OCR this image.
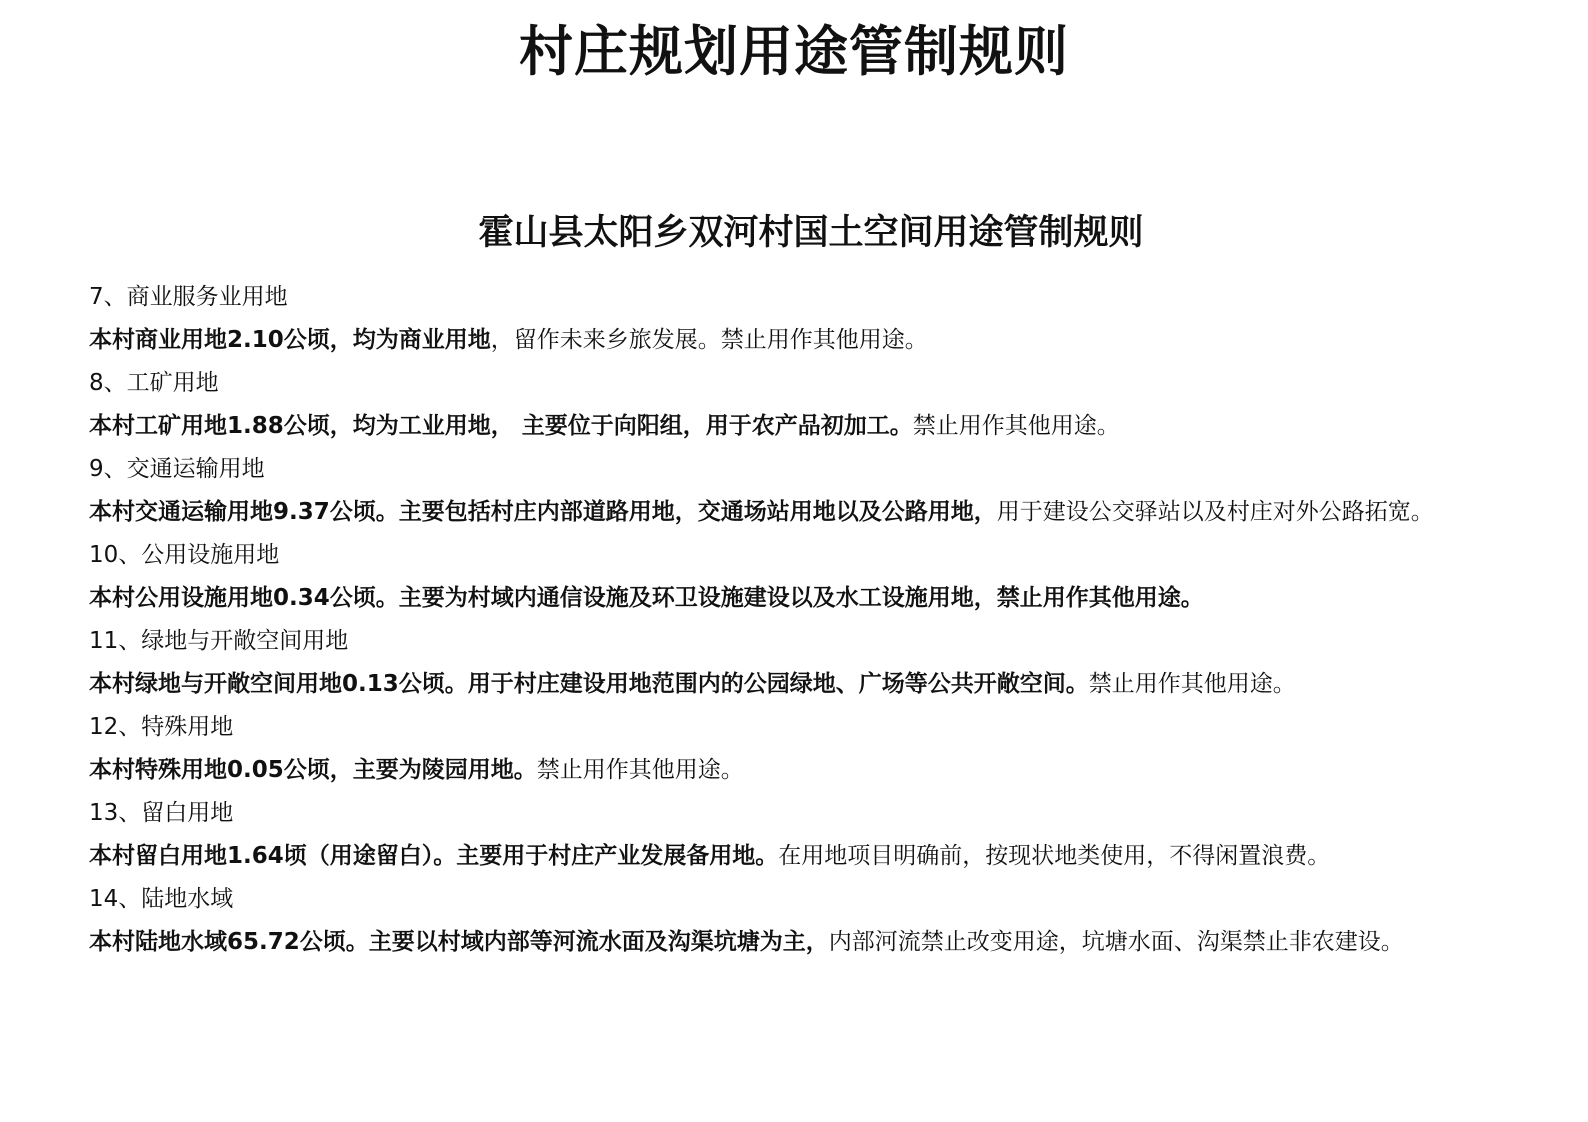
村庄规划用途管制规则
霍山县太阳乡双河村国土空间用途管制规则
7、商业服务业用地
本村商业用地2.10公顷，均为商业用地，留作未来乡旅发展。禁止用作其他用途。
8、工矿用地
本村工矿用地1.88公顷，均为工业用地， 主要位于向阳组，用于农产品初加工。禁止用作其他用途。
9、交通运输用地
本村交通运输用地9.37公顷。主要包括村庄内部道路用地，交通场站用地以及公路用地，用于建设公交驿站以及村庄对外公路拓宽。
10、公用设施用地
本村公用设施用地0.34公顷。主要为村域内通信设施及环卫设施建设以及水工设施用地，禁止用作其他用途。
11、绿地与开敞空间用地
本村绿地与开敞空间用地0.13公顷。用于村庄建设用地范围内的公园绿地、广场等公共开敞空间。禁止用作其他用途。
12、特殊用地
本村特殊用地0.05公顷，主要为陵园用地。禁止用作其他用途。
13、留白用地
本村留白用地1.64顷（用途留白）。主要用于村庄产业发展备用地。在用地项目明确前，按现状地类使用，不得闲置浪费。
14、陆地水域
本村陆地水域65.72公顷。主要以村域内部等河流水面及沟渠坑塘为主，内部河流禁止改变用途，坑塘水面、沟渠禁止非农建设。
